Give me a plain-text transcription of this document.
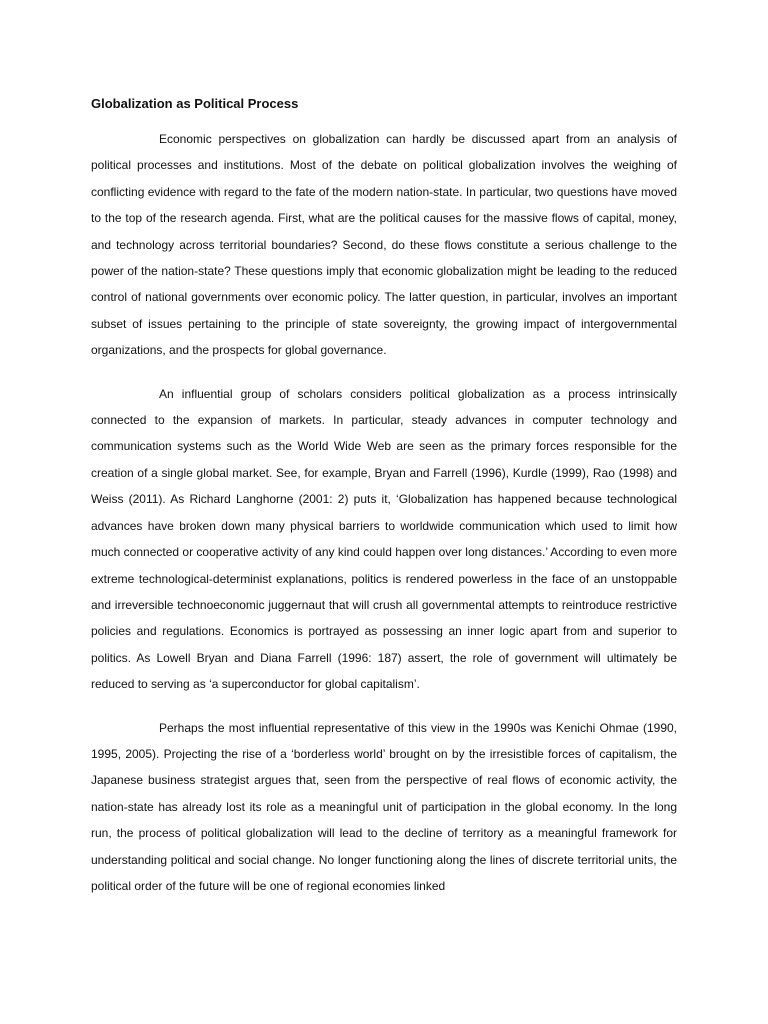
Globalization as Political Process

Economic perspectives on globalization can hardly be discussed apart from an analysis of political processes and institutions. Most of the debate on political globalization involves the weighing of conflicting evidence with regard to the fate of the modern nation-state. In particular, two questions have moved to the top of the research agenda. First, what are the political causes for the massive flows of capital, money, and technology across territorial boundaries? Second, do these flows constitute a serious challenge to the power of the nation-state? These questions imply that economic globalization might be leading to the reduced control of national governments over economic policy. The latter question, in particular, involves an important subset of issues pertaining to the principle of state sovereignty, the growing impact of intergovernmental organizations, and the prospects for global governance.

An influential group of scholars considers political globalization as a process intrinsically connected to the expansion of markets. In particular, steady advances in computer technology and communication systems such as the World Wide Web are seen as the primary forces responsible for the creation of a single global market. See, for example, Bryan and Farrell (1996), Kurdle (1999), Rao (1998) and Weiss (2011). As Richard Langhorne (2001: 2) puts it, ‘Globalization has happened because technological advances have broken down many physical barriers to worldwide communication which used to limit how much connected or cooperative activity of any kind could happen over long distances.’ According to even more extreme technological-determinist explanations, politics is rendered powerless in the face of an unstoppable and irreversible technoeconomic juggernaut that will crush all governmental attempts to reintroduce restrictive policies and regulations. Economics is portrayed as possessing an inner logic apart from and superior to politics. As Lowell Bryan and Diana Farrell (1996: 187) assert, the role of government will ultimately be reduced to serving as ‘a superconductor for global capitalism’.

Perhaps the most influential representative of this view in the 1990s was Kenichi Ohmae (1990, 1995, 2005). Projecting the rise of a ‘borderless world’ brought on by the irresistible forces of capitalism, the Japanese business strategist argues that, seen from the perspective of real flows of economic activity, the nation-state has already lost its role as a meaningful unit of participation in the global economy. In the long run, the process of political globalization will lead to the decline of territory as a meaningful framework for understanding political and social change. No longer functioning along the lines of discrete territorial units, the political order of the future will be one of regional economies linked
